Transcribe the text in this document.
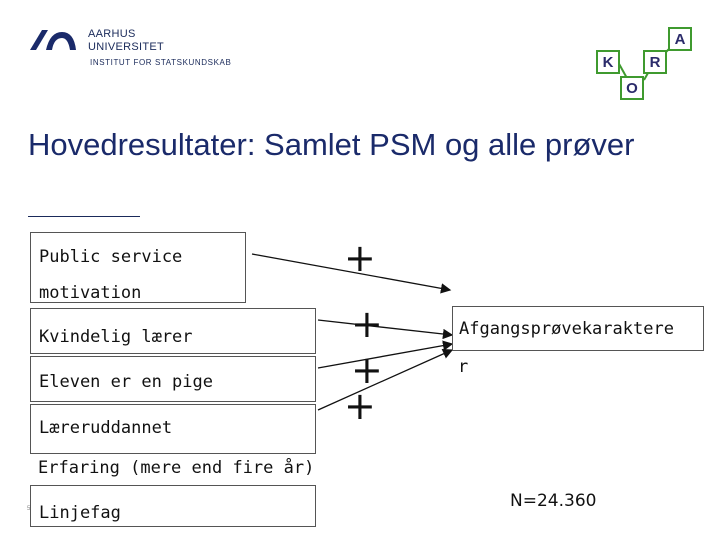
AARHUS
UNIVERSITET
INSTITUT FOR STATSKUNDSKAB	K
O
R
A
Hovedresultater: Samlet PSM og alle prøver
Public service
motivation
Kvindelig lærer
Eleven er en pige
Læreruddannet
Erfaring (mere end fire år)
Linjefag
+
+
+
+
Afgangsprøvekaraktere
r
N=24.360
5
